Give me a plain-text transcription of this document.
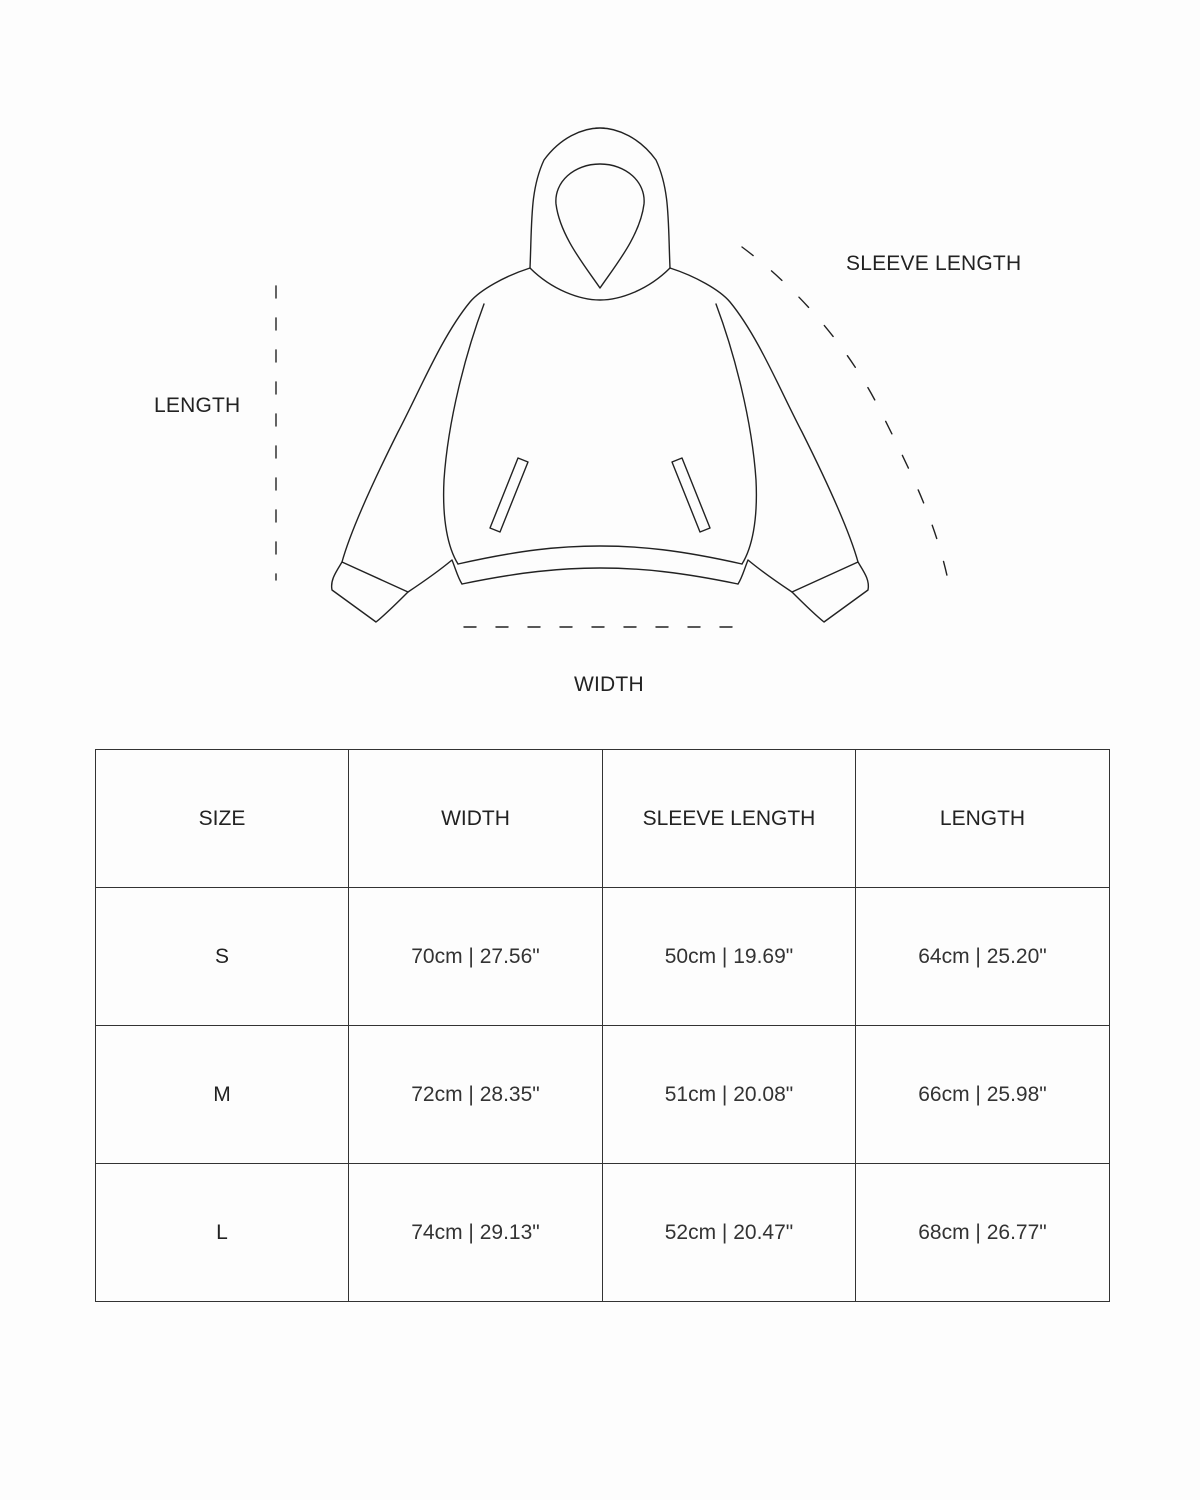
LENGTH
SLEEVE LENGTH
WIDTH
SIZE	WIDTH	SLEEVE LENGTH	LENGTH
S	70cm | 27.56"	50cm | 19.69"	64cm | 25.20"
M	72cm | 28.35"	51cm | 20.08"	66cm | 25.98"
L	74cm | 29.13"	52cm | 20.47"	68cm | 26.77"
